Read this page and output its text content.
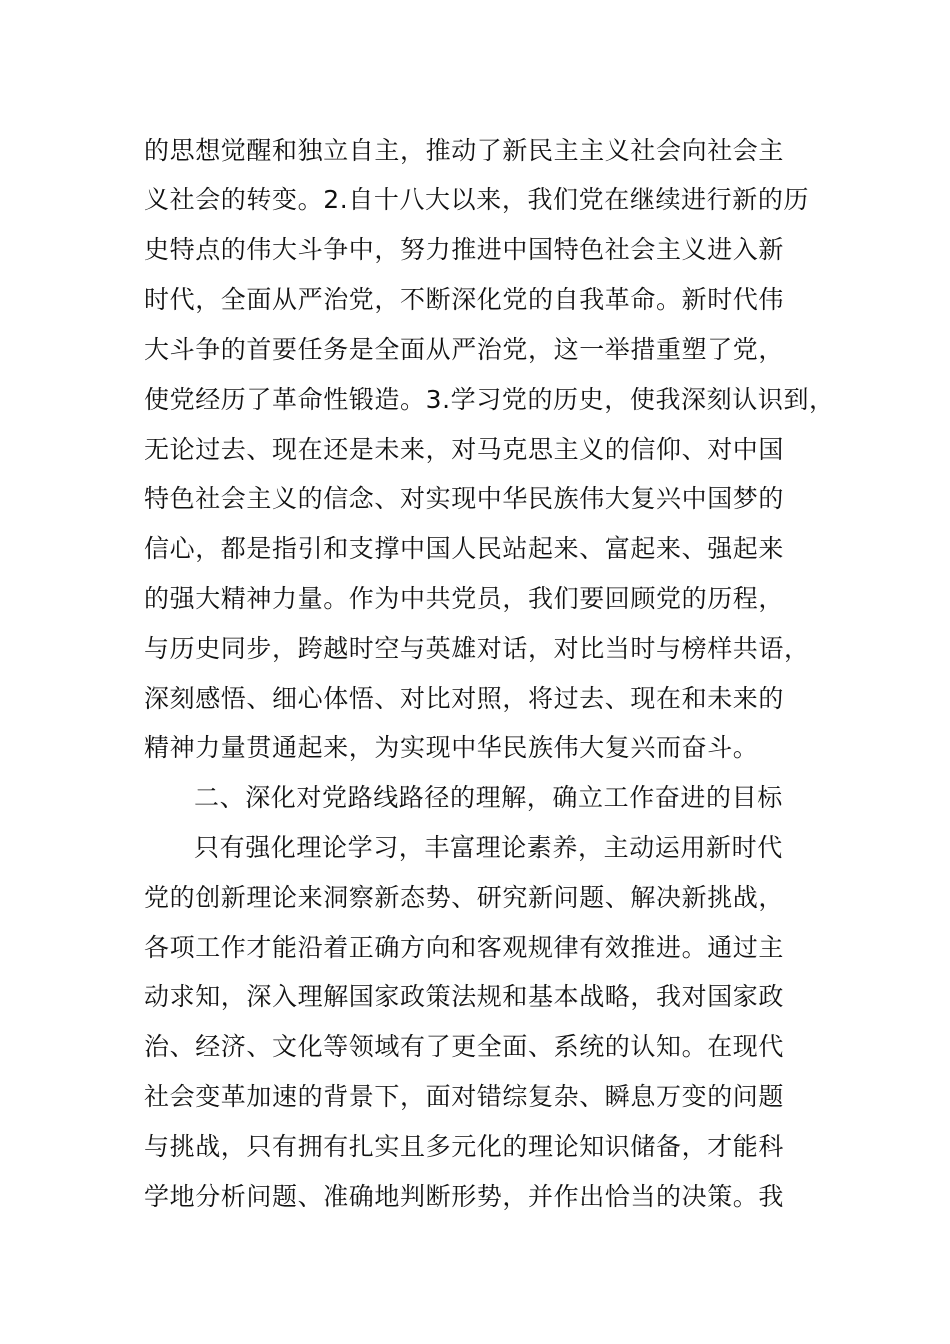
的思想觉醒和独立自主，推动了新民主主义社会向社会主
义社会的转变。2.自十八大以来，我们党在继续进行新的历
史特点的伟大斗争中，努力推进中国特色社会主义进入新
时代，全面从严治党，不断深化党的自我革命。新时代伟
大斗争的首要任务是全面从严治党，这一举措重塑了党，
使党经历了革命性锻造。3.学习党的历史，使我深刻认识到，
无论过去、现在还是未来，对马克思主义的信仰、对中国
特色社会主义的信念、对实现中华民族伟大复兴中国梦的
信心，都是指引和支撑中国人民站起来、富起来、强起来
的强大精神力量。作为中共党员，我们要回顾党的历程，
与历史同步，跨越时空与英雄对话，对比当时与榜样共语，
深刻感悟、细心体悟、对比对照，将过去、现在和未来的
精神力量贯通起来，为实现中华民族伟大复兴而奋斗。
二、深化对党路线路径的理解，确立工作奋进的目标
只有强化理论学习，丰富理论素养，主动运用新时代
党的创新理论来洞察新态势、研究新问题、解决新挑战，
各项工作才能沿着正确方向和客观规律有效推进。通过主
动求知，深入理解国家政策法规和基本战略，我对国家政
治、经济、文化等领域有了更全面、系统的认知。在现代
社会变革加速的背景下，面对错综复杂、瞬息万变的问题
与挑战，只有拥有扎实且多元化的理论知识储备，才能科
学地分析问题、准确地判断形势，并作出恰当的决策。我
